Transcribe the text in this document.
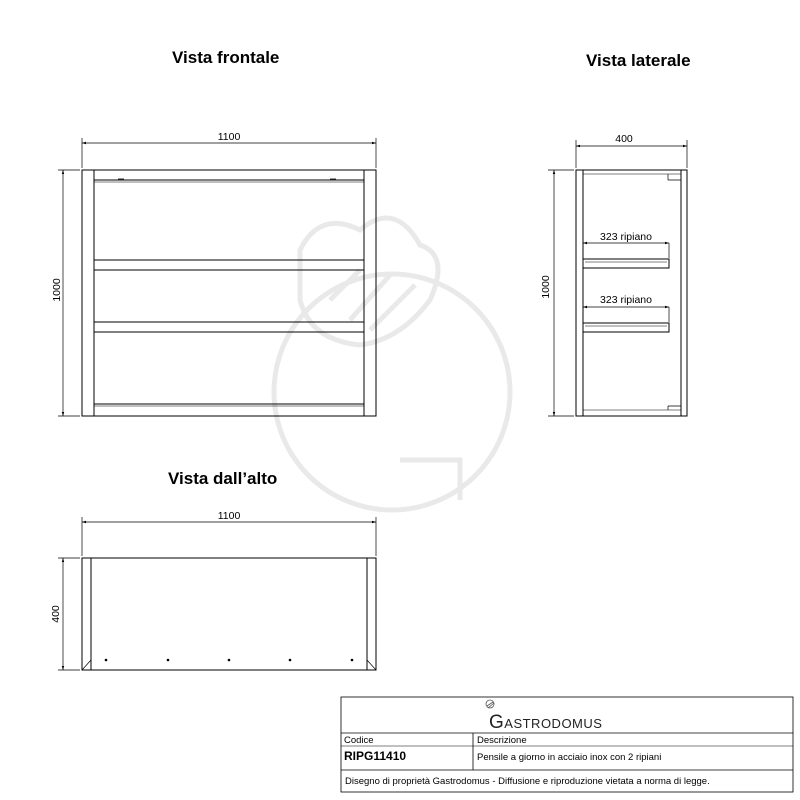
Vista frontale
1100
1000
Vista laterale
400
1000
323 ripiano
323 ripiano
Vista dall’alto
1100
400
Gastrodomus
Codice
RIPG11410
Descrizione
Pensile a giorno in acciaio inox con 2 ripiani
Disegno di proprietà Gastrodomus - Diffusione e riproduzione vietata a norma di legge.
